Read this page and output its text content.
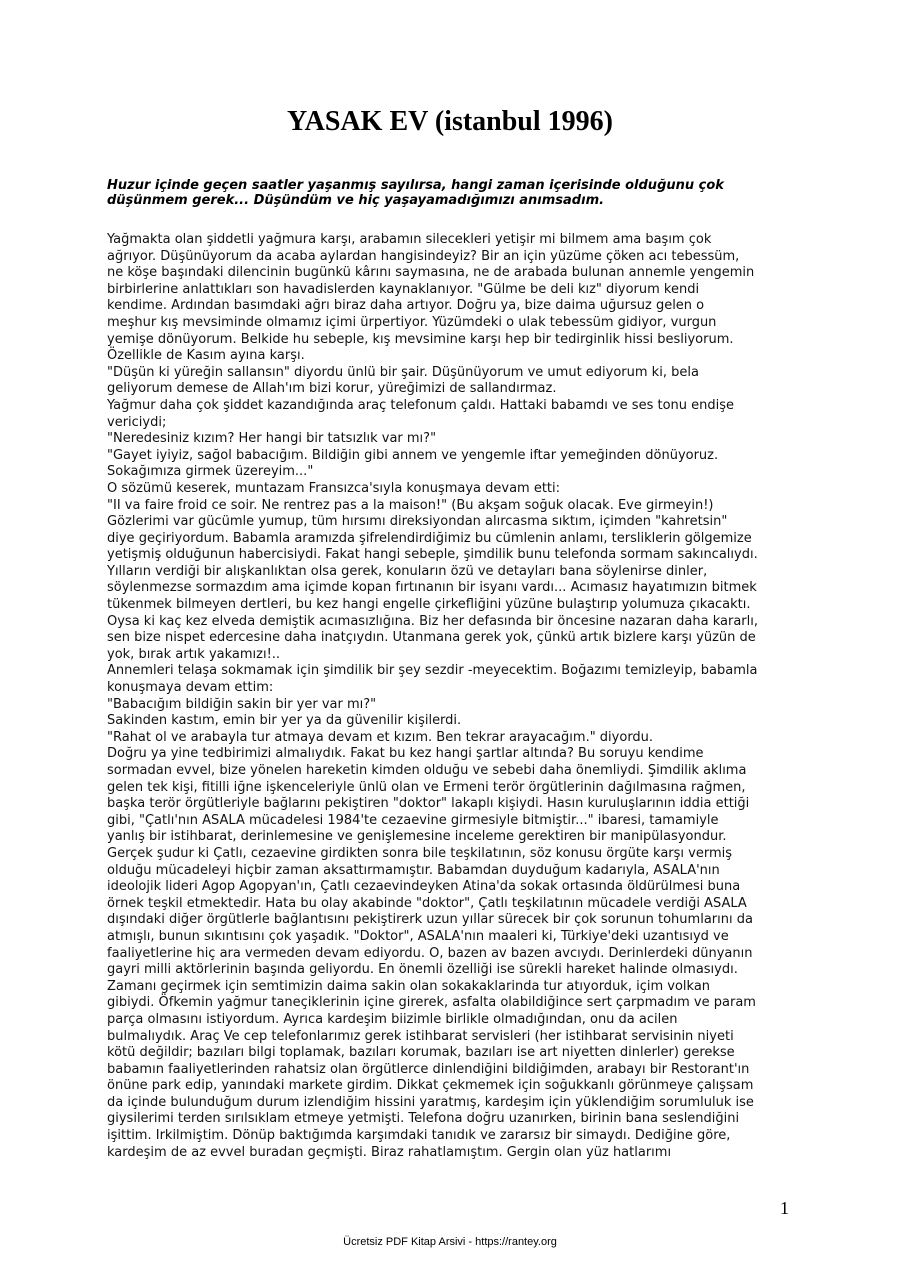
YASAK EV (istanbul 1996)

Huzur içinde geçen saatler yaşanmış sayılırsa, hangi zaman içerisinde olduğunu çok
düşünmem gerek... Düşündüm ve hiç yaşayamadığımızı anımsadım.

Yağmakta olan şiddetli yağmura karşı, arabamın silecekleri yetişir mi bilmem ama başım çok
ağrıyor. Düşünüyorum da acaba aylardan hangisindeyiz? Bir an için yüzüme çöken acı tebessüm,
ne köşe başındaki dilencinin bugünkü kârını saymasına, ne de arabada bulunan annemle yengemin
birbirlerine anlattıkları son havadislerden kaynaklanıyor. "Gülme be deli kız" diyorum kendi
kendime. Ardından basımdaki ağrı biraz daha artıyor. Doğru ya, bize daima uğursuz gelen o
meşhur kış mevsiminde olmamız içimi ürpertiyor. Yüzümdeki o ulak tebessüm gidiyor, vurgun
yemişe dönüyorum. Belkide hu sebeple, kış mevsimine karşı hep bir tedirginlik hissi besliyorum.
Özellikle de Kasım ayına karşı.
"Düşün ki yüreğin sallansın" diyordu ünlü bir şair. Düşünüyorum ve umut ediyorum ki, bela
geliyorum demese de Allah'ım bizi korur, yüreğimizi de sallandırmaz.
Yağmur daha çok şiddet kazandığında araç telefonum çaldı. Hattaki babamdı ve ses tonu endişe
vericiydi;
"Neredesiniz kızım? Her hangi bir tatsızlık var mı?"
"Gayet iyiyiz, sağol babacığım. Bildiğin gibi annem ve yengemle iftar yemeğinden dönüyoruz.
Sokağımıza girmek üzereyim..."
O sözümü keserek, muntazam Fransızca'sıyla konuşmaya devam etti:
"II va faire froid ce soir. Ne rentrez pas a la maison!" (Bu akşam soğuk olacak. Eve girmeyin!)
Gözlerimi var gücümle yumup, tüm hırsımı direksiyondan alırcasma sıktım, içimden "kahretsin"
diye geçiriyordum. Babamla aramızda şifrelendirdiğimiz bu cümlenin anlamı, tersliklerin gölgemize
yetişmiş olduğunun habercisiydi. Fakat hangi sebeple, şimdilik bunu telefonda sormam sakıncalıydı.
Yılların verdiği bir alışkanlıktan olsa gerek, konuların özü ve detayları bana söylenirse dinler,
söylenmezse sormazdım ama içimde kopan fırtınanın bir isyanı vardı... Acımasız hayatımızın bitmek
tükenmek bilmeyen dertleri, bu kez hangi engelle çirkefliğini yüzüne bulaştırıp yolumuza çıkacaktı.
Oysa ki kaç kez elveda demiştik acımasızlığına. Biz her defasında bir öncesine nazaran daha kararlı,
sen bize nispet edercesine daha inatçıydın. Utanmana gerek yok, çünkü artık bizlere karşı yüzün de
yok, bırak artık yakamızı!..
Annemleri telaşa sokmamak için şimdilik bir şey sezdir -meyecektim. Boğazımı temizleyip, babamla
konuşmaya devam ettim:
"Babacığım bildiğin sakin bir yer var mı?"
Sakinden kastım, emin bir yer ya da güvenilir kişilerdi.
"Rahat ol ve arabayla tur atmaya devam et kızım. Ben tekrar arayacağım." diyordu.
Doğru ya yine tedbirimizi almalıydık. Fakat bu kez hangi şartlar altında? Bu soruyu kendime
sormadan evvel, bize yönelen hareketin kimden olduğu ve sebebi daha önemliydi. Şimdilik aklıma
gelen tek kişi, fitilli iğne işkenceleriyle ünlü olan ve Ermeni terör örgütlerinin dağılmasına rağmen,
başka terör örgütleriyle bağlarını pekiştiren "doktor" lakaplı kişiydi. Hasın kuruluşlarının iddia ettiği
gibi, "Çatlı'nın ASALA mücadelesi 1984'te cezaevine girmesiyle bitmiştir..." ibaresi, tamamiyle
yanlış bir istihbarat, derinlemesine ve genişlemesine inceleme gerektiren bir manipülasyondur.
Gerçek şudur ki Çatlı, cezaevine girdikten sonra bile teşkilatının, söz konusu örgüte karşı vermiş
olduğu mücadeleyi hiçbir zaman aksattırmamıştır. Babamdan duyduğum kadarıyla, ASALA'nın
ideolojik lideri Agop Agopyan'ın, Çatlı cezaevindeyken Atina'da sokak ortasında öldürülmesi buna
örnek teşkil etmektedir. Hata bu olay akabinde "doktor", Çatlı teşkilatının mücadele verdiği ASALA
dışındaki diğer örgütlerle bağlantısını pekiştirerk uzun yıllar sürecek bir çok sorunun tohumlarını da
atmışlı, bunun sıkıntısını çok yaşadık. "Doktor", ASALA'nın maaleri ki, Türkiye'deki uzantısıyd ve
faaliyetlerine hiç ara vermeden devam ediyordu. O, bazen av bazen avcıydı. Derinlerdeki dünyanın
gayri milli aktörlerinin başında geliyordu. En önemli özelliği ise sürekli hareket halinde olmasıydı.
Zamanı geçirmek için semtimizin daima sakin olan sokakaklarinda tur atıyorduk, içim volkan
gibiydi. Öfkemin yağmur taneçiklerinin içine girerek, asfalta olabildiğince sert çarpmadım ve param
parça olmasını istiyordum. Ayrıca kardeşim biizimle birlikle olmadığından, onu da acilen
bulmalıydık. Araç Ve cep telefonlarımız gerek istihbarat servisleri (her istihbarat servisinin niyeti
kötü değildir; bazıları bilgi toplamak, bazıları korumak, bazıları ise art niyetten dinlerler) gerekse
babamın faaliyetlerinden rahatsiz olan örgütlerce dinlendiğini bildiğimden, arabayı bir Restorant'ın
önüne park edip, yanındaki markete girdim. Dikkat çekmemek için soğukkanlı görünmeye çalışsam
da içinde bulunduğum durum izlendiğim hissini yaratmış, kardeşim için yüklendiğim sorumluluk ise
giysilerimi terden sırılsıklam etmeye yetmişti. Telefona doğru uzanırken, birinin bana seslendiğini
işittim. Irkilmiştim. Dönüp baktığımda karşımdaki tanıdık ve zararsız bir simaydı. Dediğine göre,
kardeşim de az evvel buradan geçmişti. Biraz rahatlamıştım. Gergin olan yüz hatlarımı
1
Ücretsiz PDF Kitap Arsivi - https://rantey.org
